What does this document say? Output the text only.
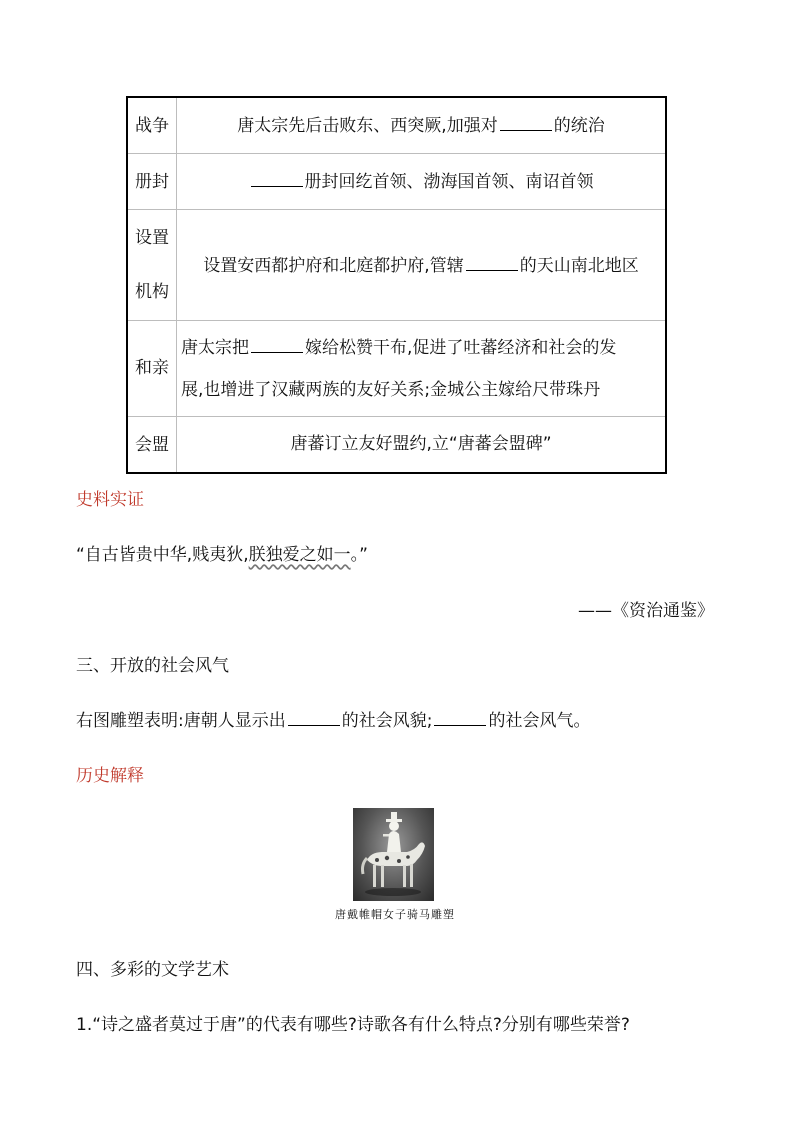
战争	唐太宗先后击败东、西突厥,加强对 的统治

册封	册封回纥首领、渤海国首领、南诏首领

设置
机构	设置安西都护府和北庭都护府,管辖 的天山南北地区
和亲	唐太宗把 嫁给松赞干布,促进了吐蕃经济和社会的发
展,也增进了汉藏两族的友好关系;金城公主嫁给尺带珠丹

会盟	唐蕃订立友好盟约,立“唐蕃会盟碑”
史料实证
“自古皆贵中华,贱夷狄,朕独爱之如一。”
——《资治通鉴》
三、开放的社会风气
右图雕塑表明:唐朝人显示出	的社会风貌;	的社会风气。
历史解释
唐戴帷帽女子骑马雕塑
四、多彩的文学艺术
1.“诗之盛者莫过于唐”的代表有哪些?诗歌各有什么特点?分别有哪些荣誉?
